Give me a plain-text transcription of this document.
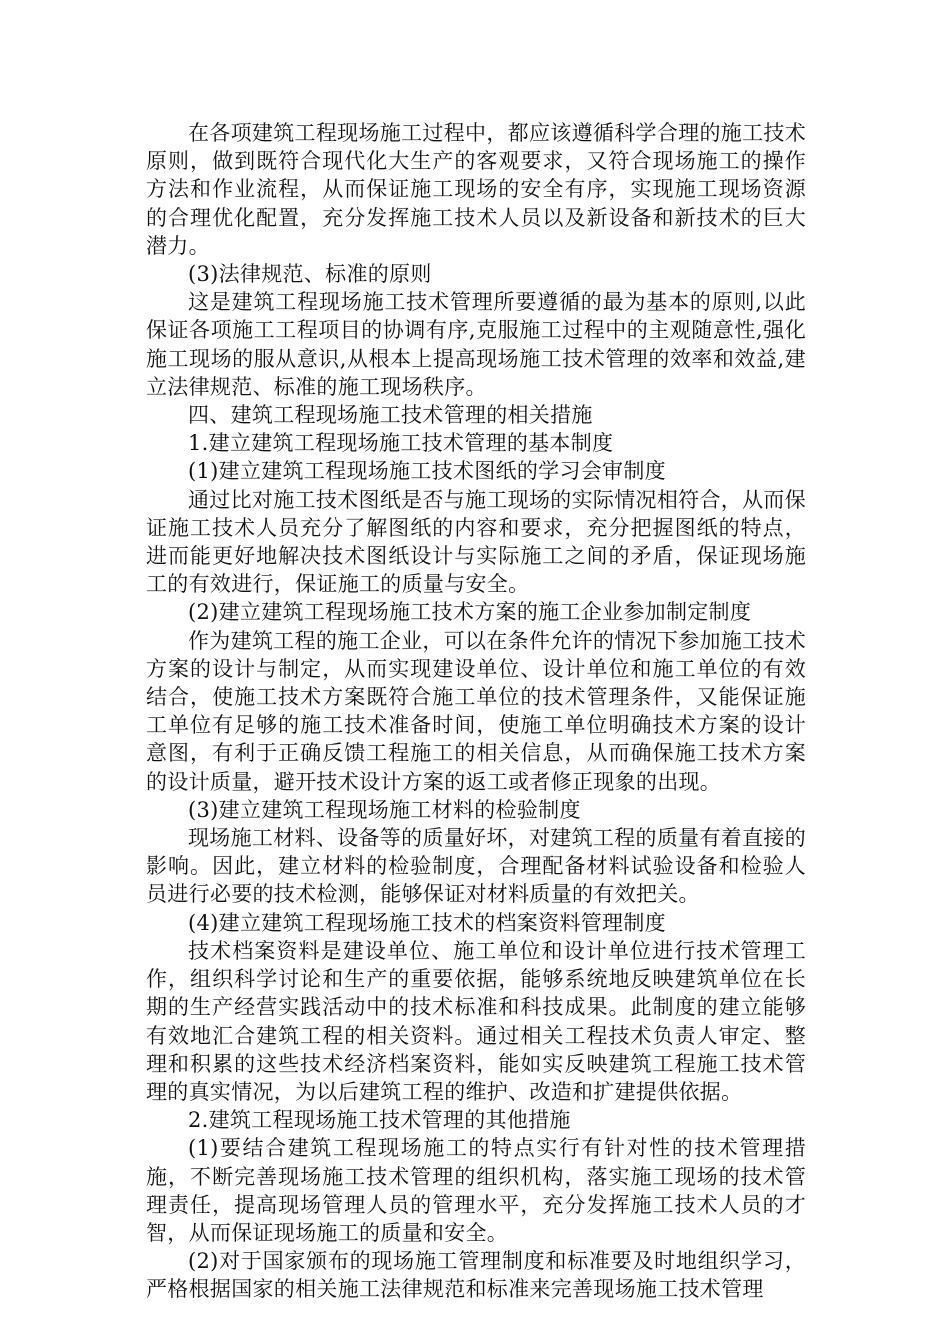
在各项建筑工程现场施工过程中，都应该遵循科学合理的施工技术原则，做到既符合现代化大生产的客观要求，又符合现场施工的操作方法和作业流程，从而保证施工现场的安全有序，实现施工现场资源的合理优化配置，充分发挥施工技术人员以及新设备和新技术的巨大潜力。

(3)法律规范、标准的原则

这是建筑工程现场施工技术管理所要遵循的最为基本的原则,以此保证各项施工工程项目的协调有序,克服施工过程中的主观随意性,强化施工现场的服从意识,从根本上提高现场施工技术管理的效率和效益,建立法律规范、标准的施工现场秩序。

四、建筑工程现场施工技术管理的相关措施

1.建立建筑工程现场施工技术管理的基本制度

(1)建立建筑工程现场施工技术图纸的学习会审制度

通过比对施工技术图纸是否与施工现场的实际情况相符合，从而保证施工技术人员充分了解图纸的内容和要求，充分把握图纸的特点，进而能更好地解决技术图纸设计与实际施工之间的矛盾，保证现场施工的有效进行，保证施工的质量与安全。

(2)建立建筑工程现场施工技术方案的施工企业参加制定制度

作为建筑工程的施工企业，可以在条件允许的情况下参加施工技术方案的设计与制定，从而实现建设单位、设计单位和施工单位的有效结合，使施工技术方案既符合施工单位的技术管理条件，又能保证施工单位有足够的施工技术准备时间，使施工单位明确技术方案的设计意图，有利于正确反馈工程施工的相关信息，从而确保施工技术方案的设计质量，避开技术设计方案的返工或者修正现象的出现。

(3)建立建筑工程现场施工材料的检验制度

现场施工材料、设备等的质量好坏，对建筑工程的质量有着直接的影响。因此，建立材料的检验制度，合理配备材料试验设备和检验人员进行必要的技术检测，能够保证对材料质量的有效把关。

(4)建立建筑工程现场施工技术的档案资料管理制度

技术档案资料是建设单位、施工单位和设计单位进行技术管理工作，组织科学讨论和生产的重要依据，能够系统地反映建筑单位在长期的生产经营实践活动中的技术标准和科技成果。此制度的建立能够有效地汇合建筑工程的相关资料。通过相关工程技术负责人审定、整理和积累的这些技术经济档案资料，能如实反映建筑工程施工技术管理的真实情况，为以后建筑工程的维护、改造和扩建提供依据。

2.建筑工程现场施工技术管理的其他措施

(1)要结合建筑工程现场施工的特点实行有针对性的技术管理措施，不断完善现场施工技术管理的组织机构，落实施工现场的技术管理责任，提高现场管理人员的管理水平，充分发挥施工技术人员的才智，从而保证现场施工的质量和安全。

(2)对于国家颁布的现场施工管理制度和标准要及时地组织学习，严格根据国家的相关施工法律规范和标准来完善现场施工技术管理
